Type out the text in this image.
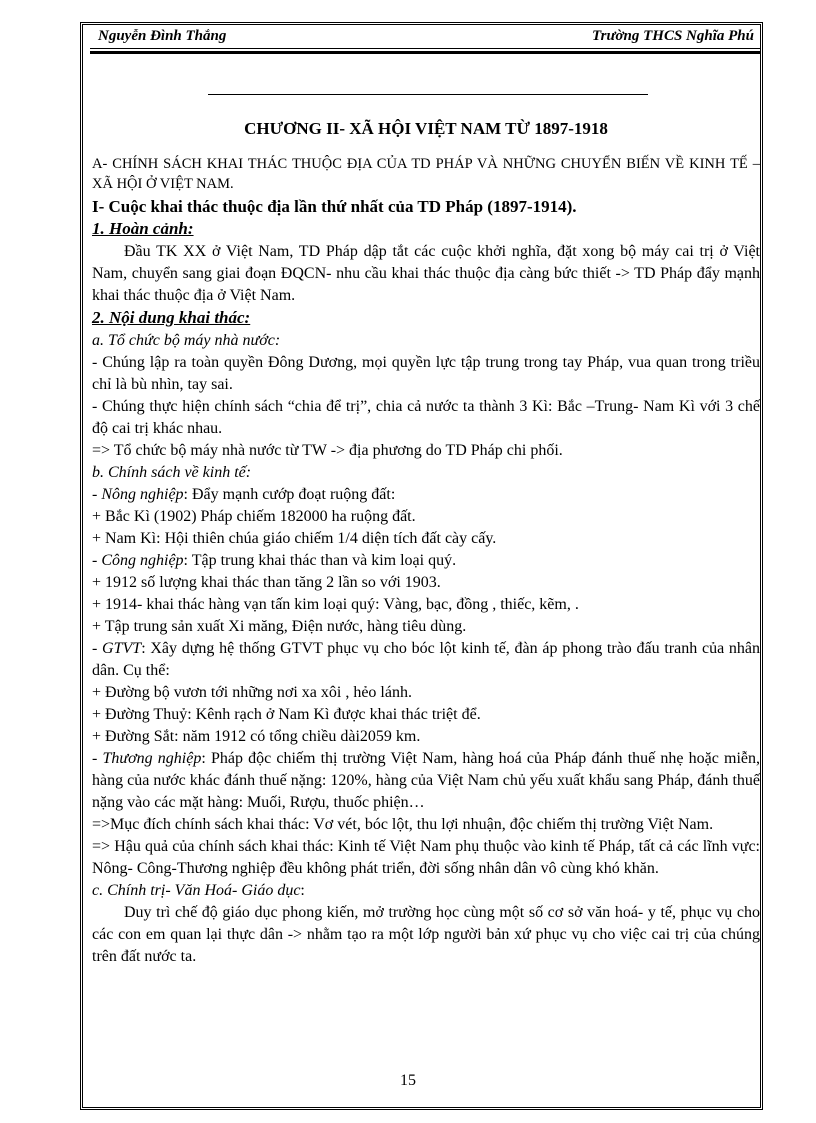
Nguyễn Đình Thắng	Trường THCS Nghĩa Phú
CHƯƠNG II- XÃ HỘI VIỆT NAM TỪ 1897-1918

A- CHÍNH SÁCH KHAI THÁC THUỘC ĐỊA CỦA TD PHÁP VÀ NHỮNG CHUYỂN BIẾN VỀ KINH TẾ – XÃ HỘI Ở VIỆT NAM.

I- Cuộc khai thác thuộc địa lần thứ nhất của TD Pháp (1897-1914).

1. Hoàn cảnh:

Đầu TK XX ở Việt Nam, TD Pháp dập tắt các cuộc khởi nghĩa, đặt xong bộ máy cai trị ở Việt Nam, chuyển sang giai đoạn ĐQCN- nhu cầu khai thác thuộc địa càng bức thiết -> TD Pháp đẩy mạnh khai thác thuộc địa ở Việt Nam.

2. Nội dung khai thác:

a. Tổ chức bộ máy nhà nước:

- Chúng lập ra toàn quyền Đông Dương, mọi quyền lực tập trung trong tay Pháp, vua quan trong triều chỉ là bù nhìn, tay sai.

- Chúng thực hiện chính sách “chia để trị”, chia cả nước ta thành 3 Kì: Bắc –Trung- Nam Kì với 3 chế độ cai trị khác nhau.

=> Tổ chức bộ máy nhà nước từ TW -> địa phương do TD Pháp chi phối.

b. Chính sách về kinh tế:

- Nông nghiệp: Đẩy mạnh cướp đoạt ruộng đất:

+ Bắc Kì (1902) Pháp chiếm 182000 ha ruộng đất.

+ Nam Kì: Hội thiên chúa giáo chiếm 1/4 diện tích đất cày cấy.

- Công nghiệp: Tập trung khai thác than và kim loại quý.

+ 1912 số lượng khai thác than tăng 2 lần so với 1903.

+ 1914- khai thác hàng vạn tấn kim loại quý: Vàng, bạc, đồng , thiếc, kẽm, .

+ Tập trung sản xuất Xi măng, Điện nước, hàng tiêu dùng.

- GTVT: Xây dựng hệ thống GTVT phục vụ cho bóc lột kinh tế, đàn áp phong trào đấu tranh của nhân dân. Cụ thể:

+ Đường bộ vươn tới những nơi xa xôi , hẻo lánh.

+ Đường Thuỷ: Kênh rạch ở Nam Kì được khai thác triệt để.

+ Đường Sắt: năm 1912 có tổng chiều dài2059 km.

- Thương nghiệp: Pháp độc chiếm thị trường Việt Nam, hàng hoá của Pháp đánh thuế nhẹ hoặc miễn, hàng của nước khác đánh thuế nặng: 120%, hàng của Việt Nam chủ yếu xuất khẩu sang Pháp, đánh thuế nặng vào các mặt hàng: Muối, Rượu, thuốc phiện…

=>Mục đích chính sách khai thác: Vơ vét, bóc lột, thu lợi nhuận, độc chiếm thị trường Việt Nam.

=> Hậu quả của chính sách khai thác: Kinh tế Việt Nam phụ thuộc vào kinh tế Pháp, tất cả các lĩnh vực: Nông- Công-Thương nghiệp đều không phát triển, đời sống nhân dân vô cùng khó khăn.

c. Chính trị- Văn Hoá- Giáo dục:

Duy trì chế độ giáo dục phong kiến, mở trường học cùng một số cơ sở văn hoá- y tế, phục vụ cho các con em quan lại thực dân -> nhằm tạo ra một lớp người bản xứ phục vụ cho việc cai trị của chúng trên đất nước ta.

15
